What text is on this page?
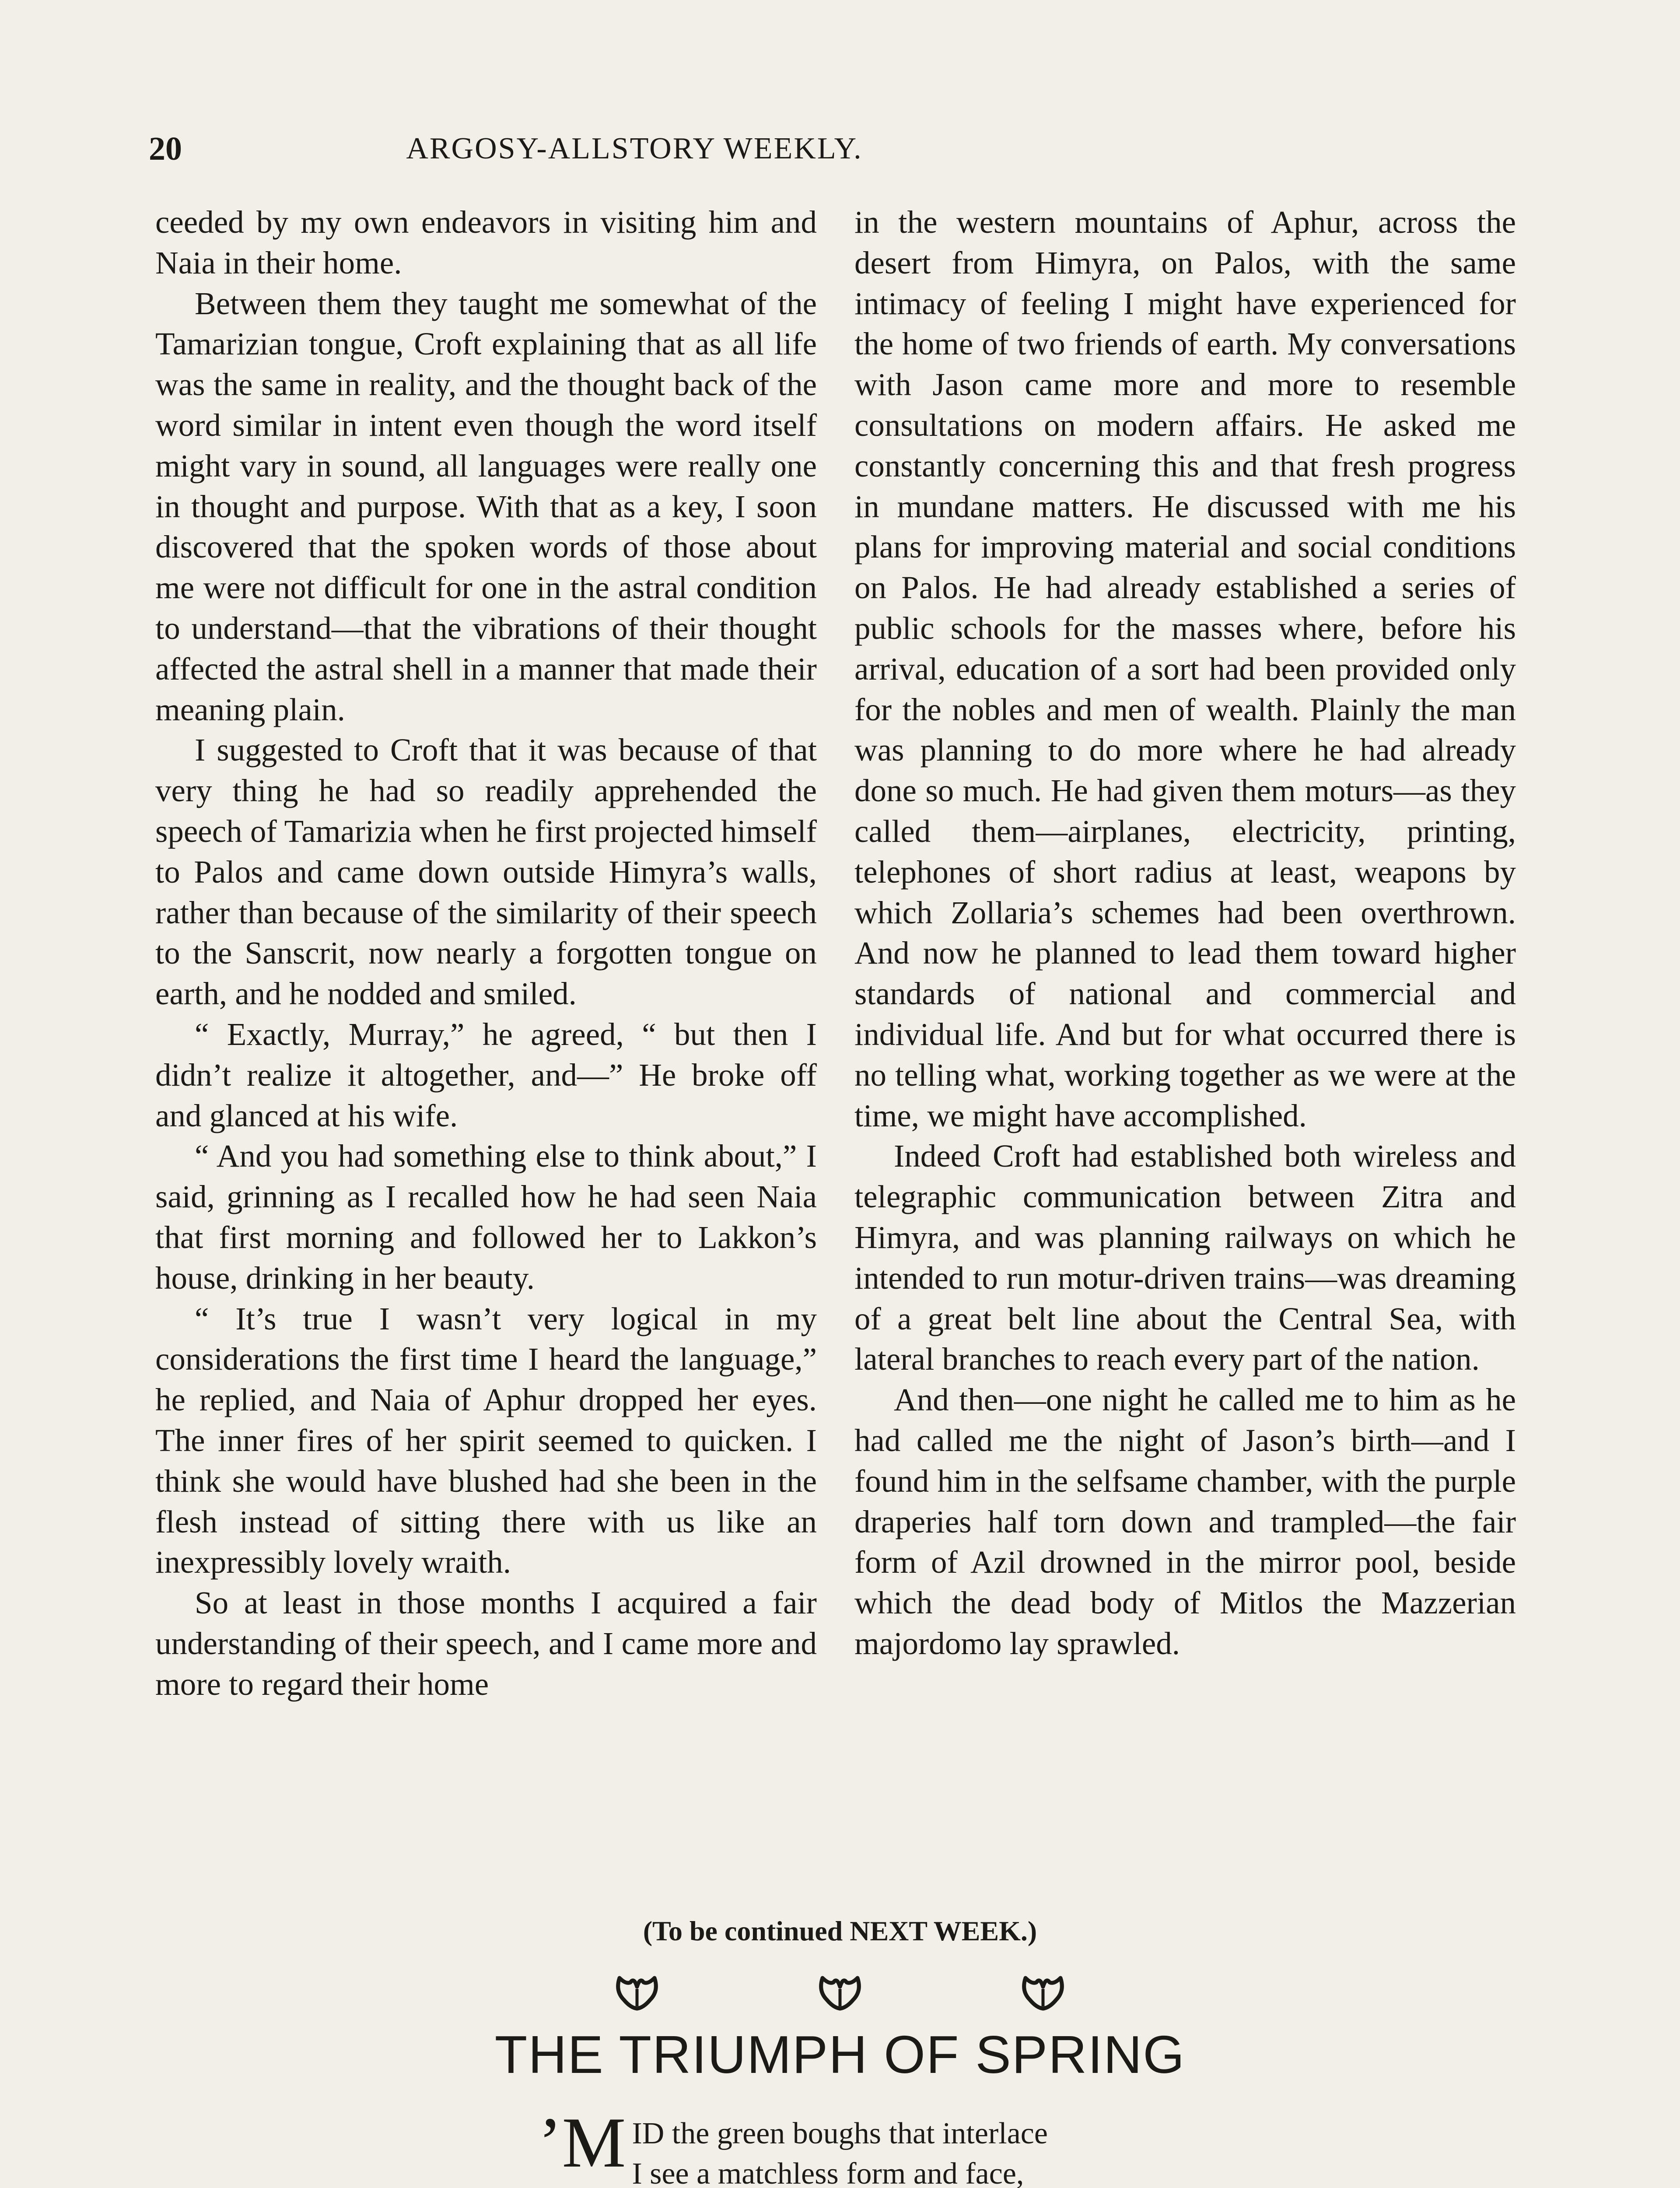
20	ARGOSY-ALLSTORY WEEKLY.

ceeded by my own endeavors in visiting him and Naia in their home.

Between them they taught me somewhat of the Tamarizian tongue, Croft explaining that as all life was the same in reality, and the thought back of the word similar in intent even though the word itself might vary in sound, all languages were really one in thought and purpose. With that as a key, I soon discovered that the spoken words of those about me were not difficult for one in the astral condition to understand—that the vibrations of their thought affected the astral shell in a manner that made their meaning plain.

I suggested to Croft that it was because of that very thing he had so readily apprehended the speech of Tamarizia when he first projected himself to Palos and came down outside Himyra’s walls, rather than because of the similarity of their speech to the Sanscrit, now nearly a forgotten tongue on earth, and he nodded and smiled.

“ Exactly, Murray,” he agreed, “ but then I didn’t realize it altogether, and—” He broke off and glanced at his wife.

“ And you had something else to think about,” I said, grinning as I recalled how he had seen Naia that first morning and followed her to Lakkon’s house, drinking in her beauty.

“ It’s true I wasn’t very logical in my considerations the first time I heard the language,” he replied, and Naia of Aphur dropped her eyes. The inner fires of her spirit seemed to quicken. I think she would have blushed had she been in the flesh instead of sitting there with us like an inexpressibly lovely wraith.

So at least in those months I acquired a fair understanding of their speech, and I came more and more to regard their home

in the western mountains of Aphur, across the desert from Himyra, on Palos, with the same intimacy of feeling I might have experienced for the home of two friends of earth. My conversations with Jason came more and more to resemble consultations on modern affairs. He asked me constantly concerning this and that fresh progress in mundane matters. He discussed with me his plans for improving material and social conditions on Palos. He had already established a series of public schools for the masses where, before his arrival, education of a sort had been provided only for the nobles and men of wealth. Plainly the man was planning to do more where he had already done so much. He had given them moturs—as they called them—airplanes, electricity, printing, telephones of short radius at least, weapons by which Zollaria’s schemes had been overthrown. And now he planned to lead them toward higher standards of national and commercial and individual life. And but for what occurred there is no telling what, working together as we were at the time, we might have accomplished.

Indeed Croft had established both wireless and telegraphic communication between Zitra and Himyra, and was planning railways on which he intended to run motur-driven trains—was dreaming of a great belt line about the Central Sea, with lateral branches to reach every part of the nation.

And then—one night he called me to him as he had called me the night of Jason’s birth—and I found him in the selfsame chamber, with the purple draperies half torn down and trampled—the fair form of Azil drowned in the mirror pool, beside which the dead body of Mitlos the Mazzerian majordomo lay sprawled.

(To be continued NEXT WEEK.)

THE TRIUMPH OF SPRING
’M ID the green boughs that interlace
I see a matchless form and face,
